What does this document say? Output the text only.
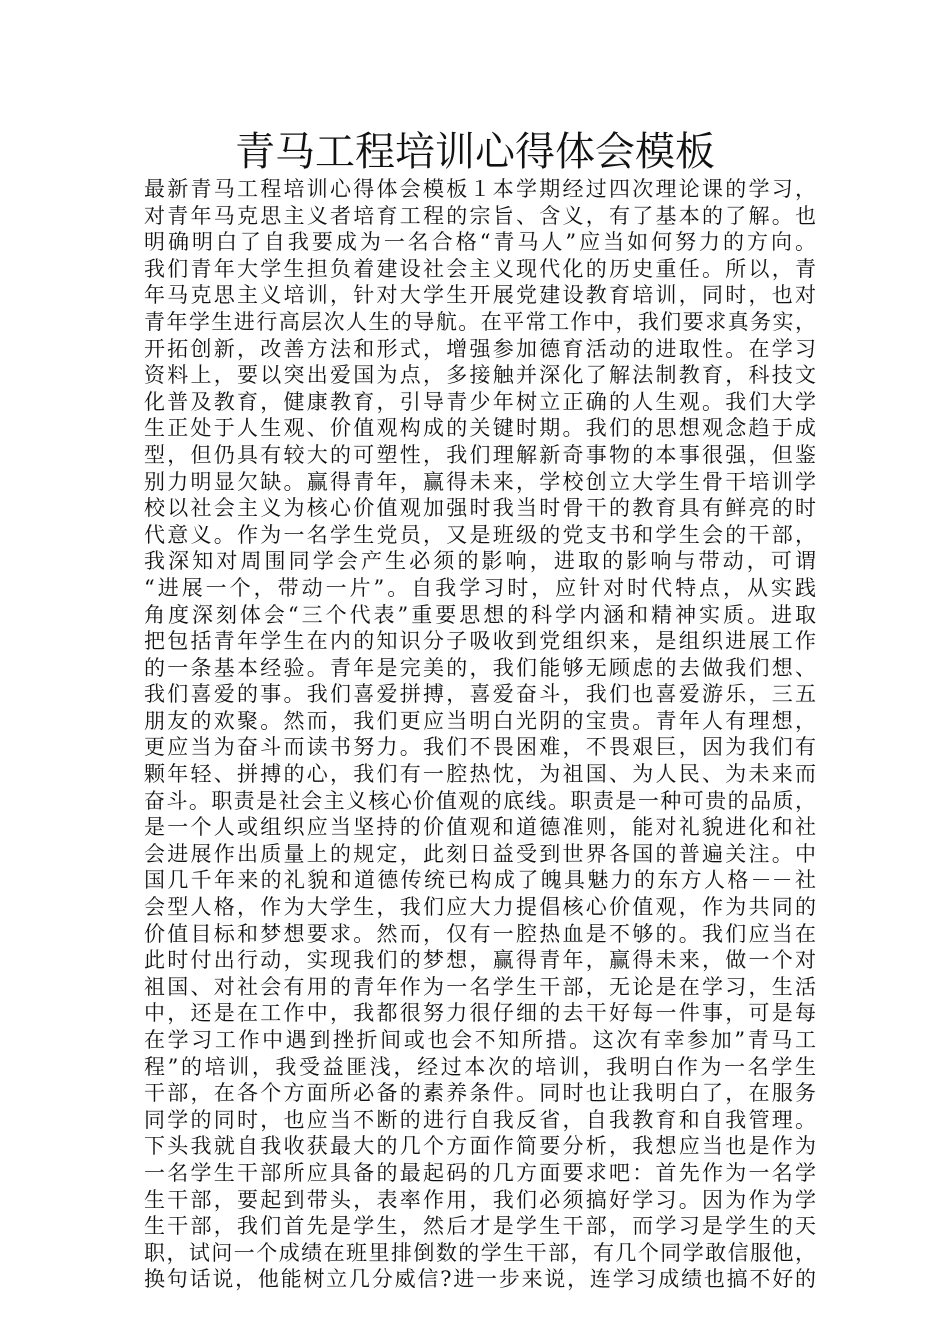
青马工程培训心得体会模板
最新青马工程培训心得体会模板１本学期经过四次理论课的学习，
对青年马克思主义者培育工程的宗旨、含义，有了基本的了解。也
明确明白了自我要成为一名合格“青马人”应当如何努力的方向。
我们青年大学生担负着建设社会主义现代化的历史重任。所以，青
年马克思主义培训，针对大学生开展党建设教育培训，同时，也对
青年学生进行高层次人生的导航。在平常工作中，我们要求真务实，
开拓创新，改善方法和形式，增强参加德育活动的进取性。在学习
资料上，要以突出爱国为点，多接触并深化了解法制教育，科技文
化普及教育，健康教育，引导青少年树立正确的人生观。我们大学
生正处于人生观、价值观构成的关键时期。我们的思想观念趋于成
型，但仍具有较大的可塑性，我们理解新奇事物的本事很强，但鉴
别力明显欠缺。赢得青年，赢得未来，学校创立大学生骨干培训学
校以社会主义为核心价值观加强时我当时骨干的教育具有鲜亮的时
代意义。作为一名学生党员，又是班级的党支书和学生会的干部，
我深知对周围同学会产生必须的影响，进取的影响与带动，可谓
“进展一个，带动一片”。自我学习时，应针对时代特点，从实践
角度深刻体会“三个代表”重要思想的科学内涵和精神实质。进取
把包括青年学生在内的知识分子吸收到党组织来，是组织进展工作
的一条基本经验。青年是完美的，我们能够无顾虑的去做我们想、
我们喜爱的事。我们喜爱拼搏，喜爱奋斗，我们也喜爱游乐，三五
朋友的欢聚。然而，我们更应当明白光阴的宝贵。青年人有理想，
更应当为奋斗而读书努力。我们不畏困难，不畏艰巨，因为我们有
颗年轻、拼搏的心，我们有一腔热忱，为祖国、为人民、为未来而
奋斗。职责是社会主义核心价值观的底线。职责是一种可贵的品质，
是一个人或组织应当坚持的价值观和道德准则，能对礼貌进化和社
会进展作出质量上的规定，此刻日益受到世界各国的普遍关注。中
国几千年来的礼貌和道德传统已构成了魄具魅力的东方人格－－社
会型人格，作为大学生，我们应大力提倡核心价值观，作为共同的
价值目标和梦想要求。然而，仅有一腔热血是不够的。我们应当在
此时付出行动，实现我们的梦想，赢得青年，赢得未来，做一个对
祖国、对社会有用的青年作为一名学生干部，无论是在学习，生活
中，还是在工作中，我都很努力很仔细的去干好每一件事，可是每
在学习工作中遇到挫折间或也会不知所措。这次有幸参加”青马工
程”的培训，我受益匪浅，经过本次的培训，我明白作为一名学生
干部，在各个方面所必备的素养条件。同时也让我明白了，在服务
同学的同时，也应当不断的进行自我反省，自我教育和自我管理。
下头我就自我收获最大的几个方面作简要分析，我想应当也是作为
一名学生干部所应具备的最起码的几方面要求吧：首先作为一名学
生干部，要起到带头，表率作用，我们必须搞好学习。因为作为学
生干部，我们首先是学生，然后才是学生干部，而学习是学生的天
职，试问一个成绩在班里排倒数的学生干部，有几个同学敢信服他，
换句话说，他能树立几分威信?进一步来说，连学习成绩也搞不好的
